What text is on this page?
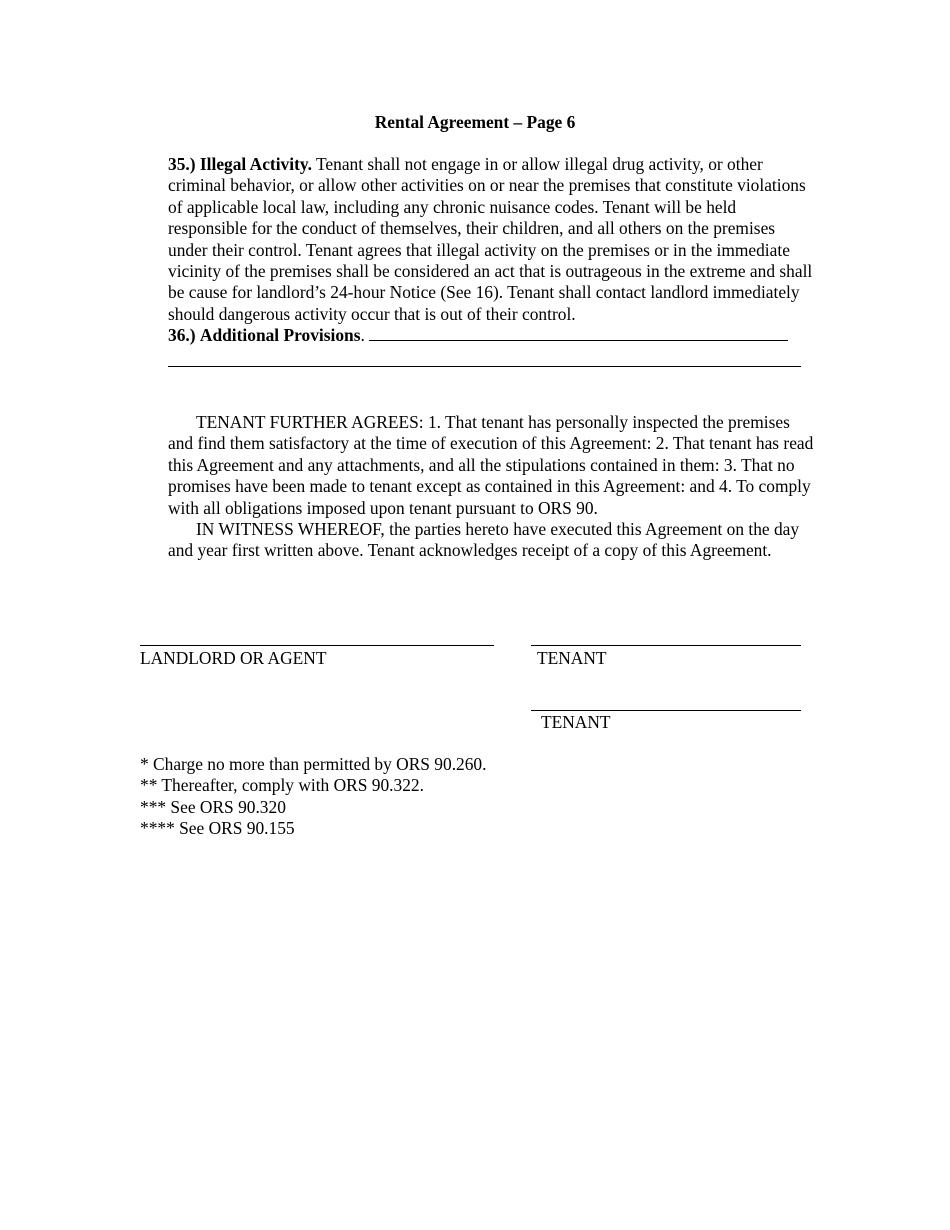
Rental Agreement – Page 6

35.) Illegal Activity. Tenant shall not engage in or allow illegal drug activity, or other criminal behavior, or allow other activities on or near the premises that constitute violations of applicable local law, including any chronic nuisance codes. Tenant will be held responsible for the conduct of themselves, their children, and all others on the premises under their control. Tenant agrees that illegal activity on the premises or in the immediate vicinity of the premises shall be considered an act that is outrageous in the extreme and shall be cause for landlord’s 24-hour Notice (See 16). Tenant shall contact landlord immediately should dangerous activity occur that is out of their control.

36.) Additional Provisions.

TENANT FURTHER AGREES: 1. That tenant has personally inspected the premises and find them satisfactory at the time of execution of this Agreement: 2. That tenant has read this Agreement and any attachments, and all the stipulations contained in them: 3. That no promises have been made to tenant except as contained in this Agreement: and 4. To comply with all obligations imposed upon tenant pursuant to ORS 90.

IN WITNESS WHEREOF, the parties hereto have executed this Agreement on the day and year first written above. Tenant acknowledges receipt of a copy of this Agreement.

LANDLORD OR AGENT	TENANT
TENANT
* Charge no more than permitted by ORS 90.260.
** Thereafter, comply with ORS 90.322.
*** See ORS 90.320
**** See ORS 90.155
